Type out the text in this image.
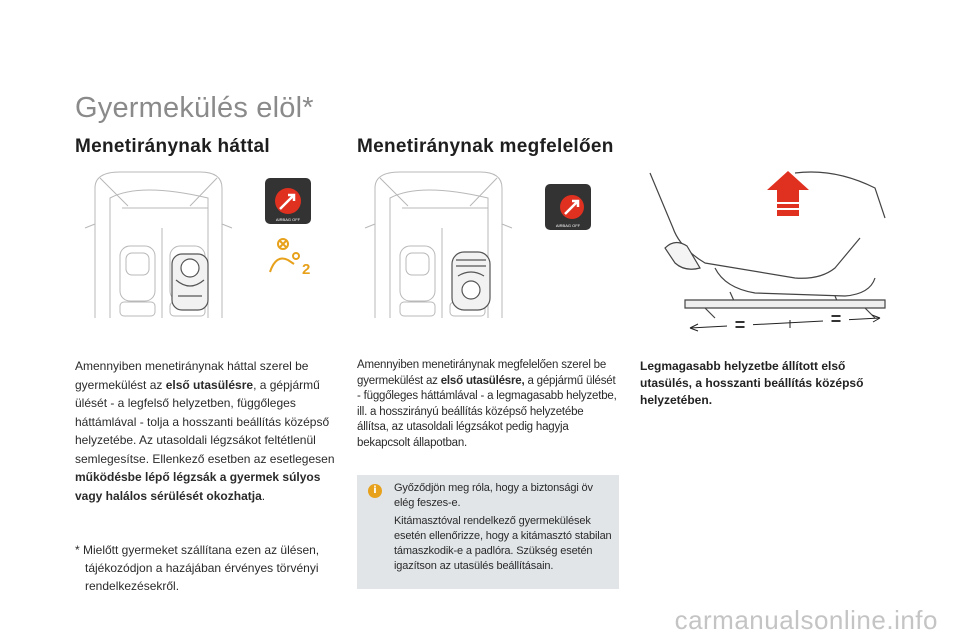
Gyermekülés elöl*
Menetiránynak háttal	Menetiránynak megfelelően
AIRBAG OFF
2
AIRBAG OFF
=	=

Amennyiben menetiránynak háttal szerel be gyermekülést az első utasülésre, a gépjármű ülését - a legfelső helyzetben, függőleges háttámlával - tolja a hosszanti beállítás középső helyzetébe. Az utasoldali légzsákot feltétlenül semlegesítse. Ellenkező esetben az esetlegesen működésbe lépő légzsák a gyermek súlyos vagy halálos sérülését okozhatja.

* Mielőtt gyermeket szállítana ezen az ülésen,
tájékozódjon a hazájában érvényes törvényi rendelkezésekről.

Amennyiben menetiránynak megfelelően szerel be gyermekülést az első utasülésre, a gépjármű ülését - függőleges háttámlával - a legmagasabb helyzetbe, ill. a hosszirányú beállítás középső helyzetébe állítsa, az utasoldali légzsákot pedig hagyja bekapcsolt állapotban.

Legmagasabb helyzetbe állított első utasülés, a hosszanti beállítás középső helyzetében.

i	Győződjön meg róla, hogy a biztonsági öv elég feszes-e.

Kitámasztóval rendelkező gyermekülések esetén ellenőrizze, hogy a kitámasztó stabilan támaszkodik-e a padlóra. Szükség esetén igazítson az utasülés beállításain.

carmanualsonline.info
